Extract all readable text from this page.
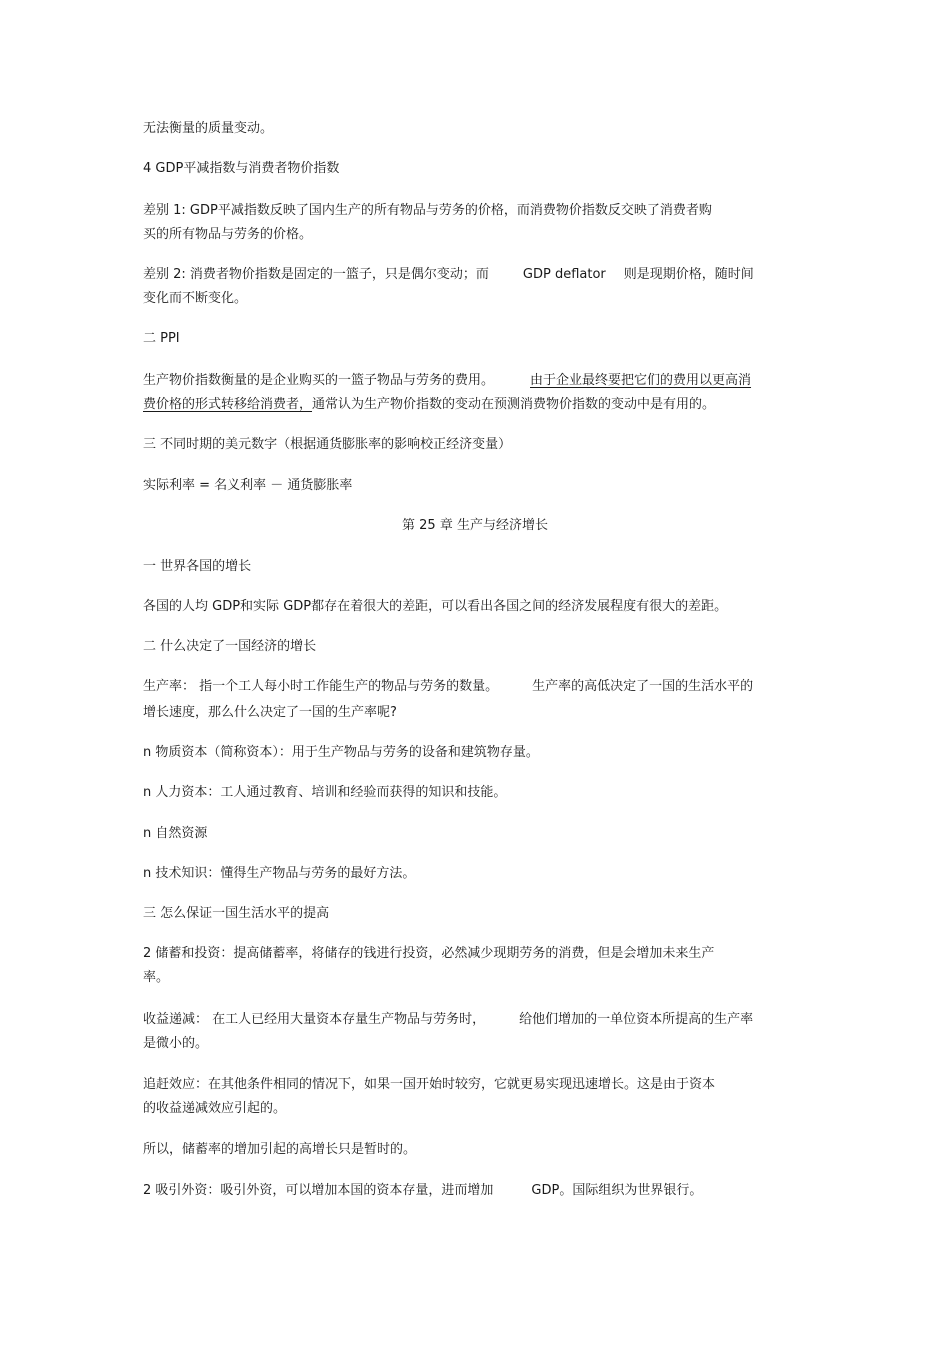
无法衡量的质量变动。
4 GDP平减指数与消费者物价指数
差别 1: GDP平减指数反映了国内生产的所有物品与劳务的价格，而消费物价指数反交映了消费者购
买的所有物品与劳务的价格。
差别 2: 消费者物价指数是固定的一篮子，只是偶尔变动；而	GDP deflator 则是现期价格，随时间
变化而不断变化。
二 PPI
生产物价指数衡量的是企业购买的一篮子物品与劳务的费用。	由于企业最终要把它们的费用以更高消
费价格的形式转移给消费者，通常认为生产物价指数的变动在预测消费物价指数的变动中是有用的。
三 不同时期的美元数字（根据通货膨胀率的影响校正经济变量）
实际利率 = 名义利率 － 通货膨胀率
第 25 章 生产与经济增长
一 世界各国的增长
各国的人均 GDP和实际 GDP都存在着很大的差距，可以看出各国之间的经济发展程度有很大的差距。
二 什么决定了一国经济的增长
生产率： 指一个工人每小时工作能生产的物品与劳务的数量。	生产率的高低决定了一国的生活水平的
增长速度，那么什么决定了一国的生产率呢?
n 物质资本（简称资本）：用于生产物品与劳务的设备和建筑物存量。
n 人力资本：工人通过教育、培训和经验而获得的知识和技能。
n 自然资源
n 技术知识：懂得生产物品与劳务的最好方法。
三 怎么保证一国生活水平的提高
2 储蓄和投资：提高储蓄率，将储存的钱进行投资，必然减少现期劳务的消费，但是会增加未来生产
率。
收益递减： 在工人已经用大量资本存量生产物品与劳务时，	给他们增加的一单位资本所提高的生产率
是微小的。
追赶效应：在其他条件相同的情况下，如果一国开始时较穷，它就更易实现迅速增长。这是由于资本
的收益递减效应引起的。
所以，储蓄率的增加引起的高增长只是暂时的。
2 吸引外资：吸引外资，可以增加本国的资本存量，进而增加	GDP。国际组织为世界银行。
